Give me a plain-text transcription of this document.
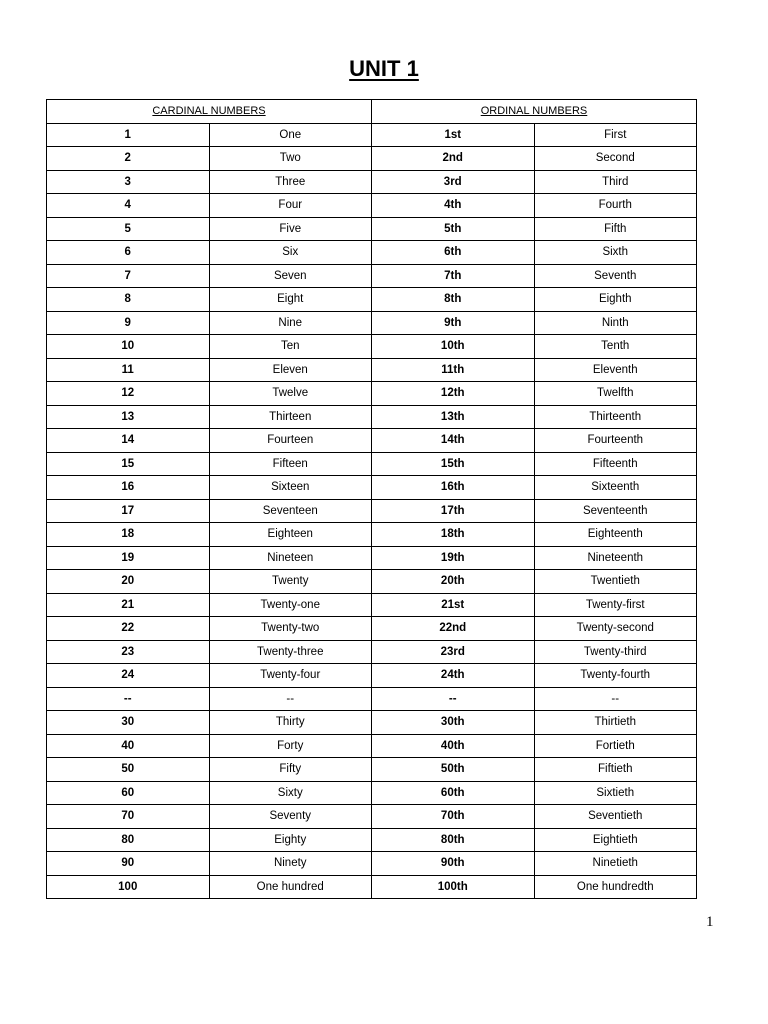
UNIT 1
CARDINAL NUMBERS		ORDINAL NUMBERS	
1	One	1st	First
2	Two	2nd	Second
3	Three	3rd	Third
4	Four	4th	Fourth
5	Five	5th	Fifth
6	Six	6th	Sixth
7	Seven	7th	Seventh
8	Eight	8th	Eighth
9	Nine	9th	Ninth
10	Ten	10th	Tenth
11	Eleven	11th	Eleventh
12	Twelve	12th	Twelfth
13	Thirteen	13th	Thirteenth
14	Fourteen	14th	Fourteenth
15	Fifteen	15th	Fifteenth
16	Sixteen	16th	Sixteenth
17	Seventeen	17th	Seventeenth
18	Eighteen	18th	Eighteenth
19	Nineteen	19th	Nineteenth
20	Twenty	20th	Twentieth
21	Twenty-one	21st	Twenty-first
22	Twenty-two	22nd	Twenty-second
23	Twenty-three	23rd	Twenty-third
24	Twenty-four	24th	Twenty-fourth
--	--	--	--
30	Thirty	30th	Thirtieth
40	Forty	40th	Fortieth
50	Fifty	50th	Fiftieth
60	Sixty	60th	Sixtieth
70	Seventy	70th	Seventieth
80	Eighty	80th	Eightieth
90	Ninety	90th	Ninetieth
100	One hundred	100th	One hundredth
1
